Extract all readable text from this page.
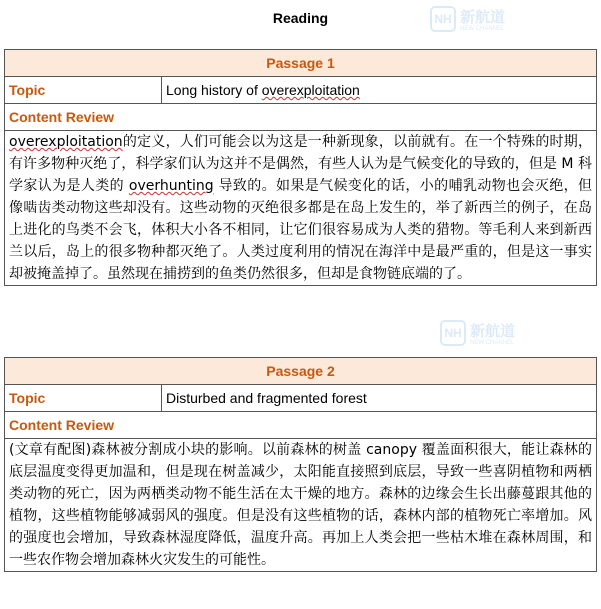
NH 新航道
NEW CHANNEL
NH 新航道
NEW CHANNEL
Reading
Passage 1
Topic	Long history of overexploitation
Content Review
overexploitation的定义，人们可能会以为这是一种新现象，以前就有。在一个特殊的时期，有许多物种灭绝了，科学家们认为这并不是偶然，有些人认为是气候变化的导致的，但是 M 科学家认为是人类的 overhunting 导致的。如果是气候变化的话，小的哺乳动物也会灭绝，但像啮齿类动物这些却没有。这些动物的灭绝很多都是在岛上发生的，举了新西兰的例子，在岛上进化的鸟类不会飞，体积大小各不相同，让它们很容易成为人类的猎物。等毛利人来到新西兰以后，岛上的很多物种都灭绝了。人类过度利用的情况在海洋中是最严重的，但是这一事实却被掩盖掉了。虽然现在捕捞到的鱼类仍然很多，但却是食物链底端的了。
Passage 2
Topic	Disturbed and fragmented forest
Content Review
(文章有配图)森林被分割成小块的影响。以前森林的树盖 canopy 覆盖面积很大，能让森林的底层温度变得更加温和，但是现在树盖减少，太阳能直接照到底层，导致一些喜阴植物和两栖类动物的死亡，因为两栖类动物不能生活在太干燥的地方。森林的边缘会生长出藤蔓跟其他的植物，这些植物能够减弱风的强度。但是没有这些植物的话，森林内部的植物死亡率增加。风的强度也会增加，导致森林湿度降低，温度升高。再加上人类会把一些枯木堆在森林周围，和一些农作物会增加森林火灾发生的可能性。
